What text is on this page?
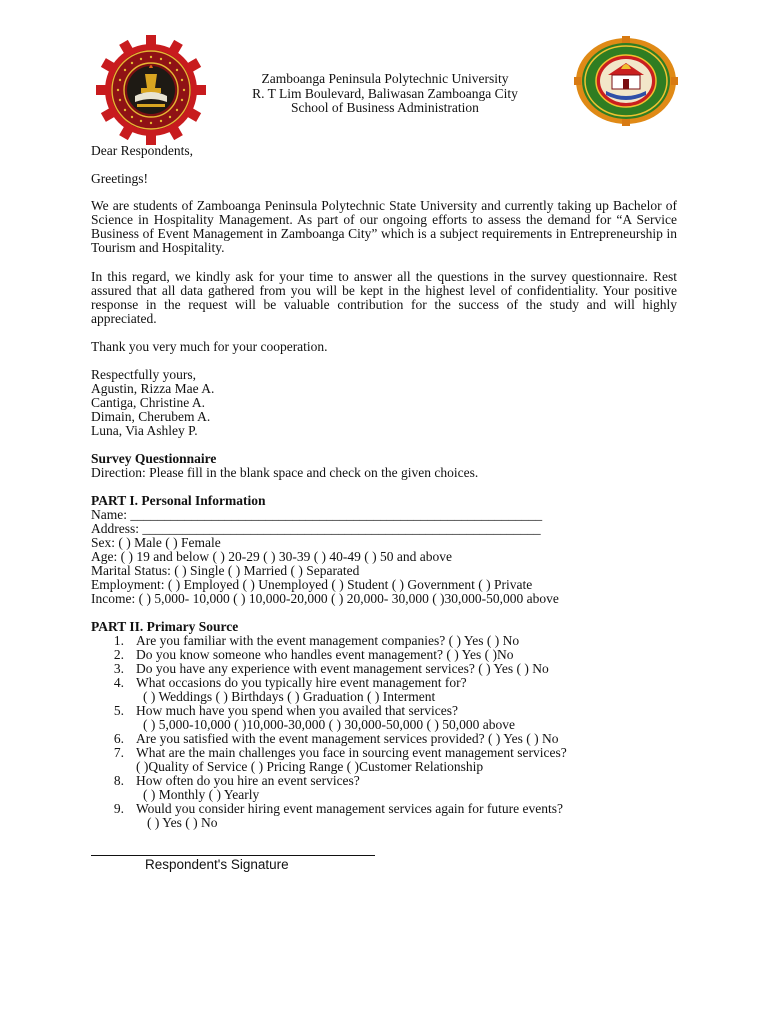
Zamboanga Peninsula Polytechnic University
R. T Lim Boulevard, Baliwasan Zamboanga City
School of Business Administration
Dear Respondents,
Greetings!
We are students of Zamboanga Peninsula Polytechnic State University and currently taking up Bachelor of Science in Hospitality Management. As part of our ongoing efforts to assess the demand for “A Service Business of Event Management in Zamboanga City” which is a subject requirements in Entrepreneurship in Tourism and Hospitality.
In this regard, we kindly ask for your time to answer all the questions in the survey questionnaire. Rest assured that all data gathered from you will be kept in the highest level of confidentiality. Your positive response in the request will be valuable contribution for the success of the study and will highly appreciated.
Thank you very much for your cooperation.
Respectfully yours,
Agustin, Rizza Mae A.
Cantiga, Christine A.
Dimain, Cherubem A.
Luna, Via Ashley P.
Survey Questionnaire
Direction: Please fill in the blank space and check on the given choices.
PART I. Personal Information
Name: _____________________________________________________________
Address: ___________________________________________________________
Sex: ( ) Male ( ) Female
Age: ( ) 19 and below ( ) 20-29 ( ) 30-39 ( ) 40-49 ( ) 50 and above
Marital Status: ( ) Single ( ) Married ( ) Separated
Employment: ( ) Employed ( ) Unemployed ( ) Student ( ) Government ( ) Private
Income: ( ) 5,000- 10,000 ( ) 10,000-20,000 ( ) 20,000- 30,000 ( )30,000-50,000 above
PART II. Primary Source
1. Are you familiar with the event management companies? ( ) Yes ( ) No
2. Do you know someone who handles event management? ( ) Yes ( )No
3. Do you have any experience with event management services? ( ) Yes ( ) No
4. What occasions do you typically hire event management for?
( ) Weddings ( ) Birthdays ( ) Graduation ( ) Interment
5. How much have you spend when you availed that services?
( ) 5,000-10,000 ( )10,000-30,000 ( ) 30,000-50,000 ( ) 50,000 above
6. Are you satisfied with the event management services provided? ( ) Yes ( ) No
7. What are the main challenges you face in sourcing event management services?
( )Quality of Service ( ) Pricing Range ( )Customer Relationship
8. How often do you hire an event services?
( ) Monthly ( ) Yearly
9. Would you consider hiring event management services again for future events?
( ) Yes ( ) No
Respondent's Signature
